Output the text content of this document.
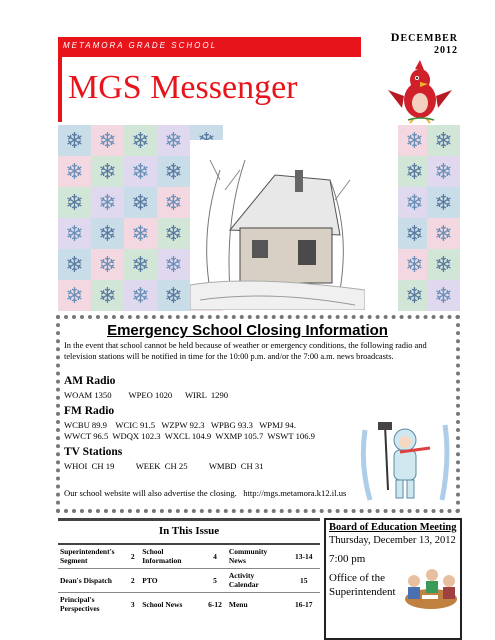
METAMORA GRADE SCHOOL
MGS Messenger
DECEMBER
2012
❄ ❄ ❄ ❄	❄ ❄
❄ ❄ ❄ ❄	❄ ❄
❄ ❄ ❄ ❄	❄ ❄
❄ ❄ ❄ ❄	❄ ❄
❄ ❄ ❄ ❄	❄ ❄
❄ ❄ ❄ ❄	❄ ❄
Emergency School Closing Information

In the event that school cannot be held because of weather or emergency conditions, the following radio and television stations will be notified in time for the 10:00 p.m. and/or the 7:00 a.m. news broadcasts.

AM Radio
WOAM 1350        WPEO 1020      WIRL  1290
FM Radio
WCBU 89.9    WCIC 91.5   WZPW 92.3   WPBG 93.3   WPMJ 94.
WWCT 96.5  WDQX 102.3  WXCL 104.9  WXMP 105.7  WSWT 106.9
TV Stations
WHOI  CH 19          WEEK  CH 25          WMBD  CH 31
Our school website will also advertise the closing.   http://mgs.metamora.k12.il.us
In This Issue
Superintendent's Segment	2	School Information	4	Community News	13-14
Dean's Dispatch	2	PTO	5	Activity Calendar	15
Principal's Perspectives	3	School News	6-12	Menu	16-17
Board of Education Meeting
Thursday, December 13, 2012
7:00 pm
Office of the
Superintendent
